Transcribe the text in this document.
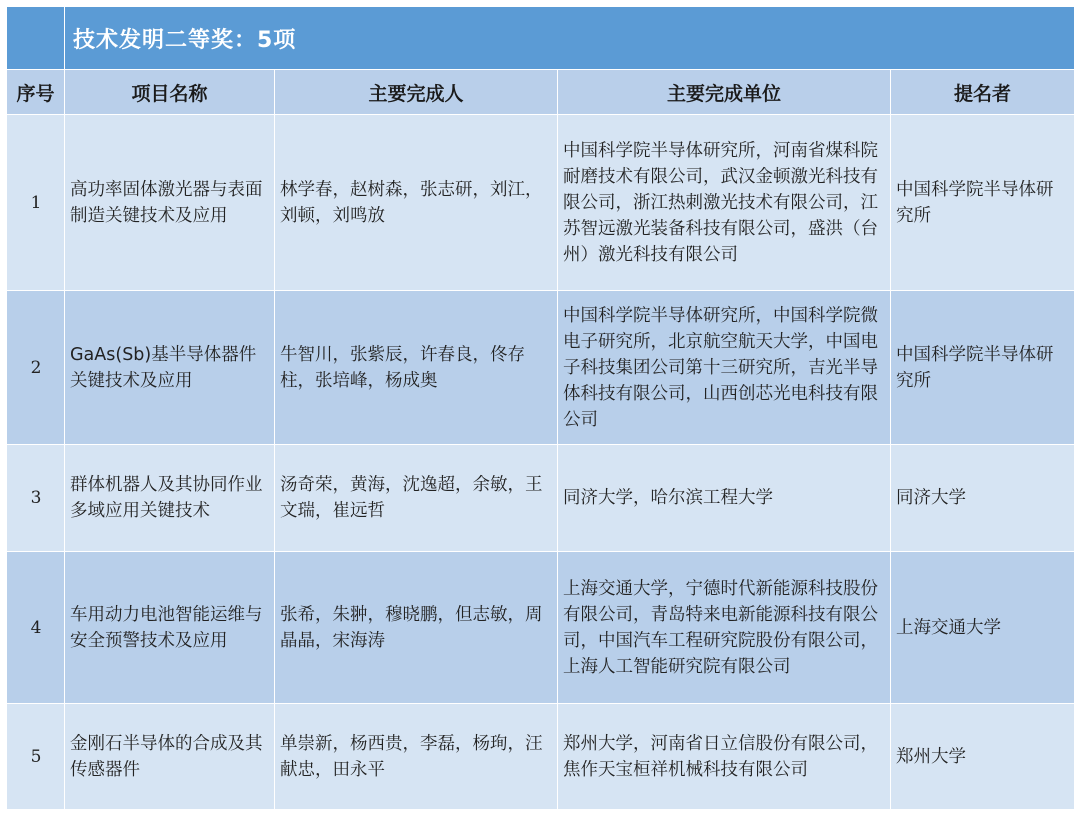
	技术发明二等奖：5项			
序号	项目名称	主要完成人	主要完成单位	提名者
1	高功率固体激光器与表面制造关键技术及应用	林学春，赵树森，张志研，刘江，刘顿，刘鸣放	中国科学院半导体研究所，河南省煤科院耐磨技术有限公司，武汉金顿激光科技有限公司，浙江热刺激光技术有限公司，江苏智远激光装备科技有限公司，盛洪（台州）激光科技有限公司	中国科学院半导体研究所
2	GaAs(Sb)基半导体器件关键技术及应用	牛智川，张紫辰，许春良，佟存柱，张培峰，杨成奥	中国科学院半导体研究所，中国科学院微电子研究所，北京航空航天大学，中国电子科技集团公司第十三研究所，吉光半导体科技有限公司，山西创芯光电科技有限公司	中国科学院半导体研究所
3	群体机器人及其协同作业多域应用关键技术	汤奇荣，黄海，沈逸超，余敏，王文瑞，崔远哲	同济大学，哈尔滨工程大学	同济大学
4	车用动力电池智能运维与安全预警技术及应用	张希，朱翀，穆晓鹏，但志敏，周晶晶，宋海涛	上海交通大学，宁德时代新能源科技股份有限公司，青岛特来电新能源科技有限公司，中国汽车工程研究院股份有限公司，上海人工智能研究院有限公司	上海交通大学
5	金刚石半导体的合成及其传感器件	单崇新，杨西贵，李磊，杨珣，汪献忠，田永平	郑州大学，河南省日立信股份有限公司，焦作天宝桓祥机械科技有限公司	郑州大学
